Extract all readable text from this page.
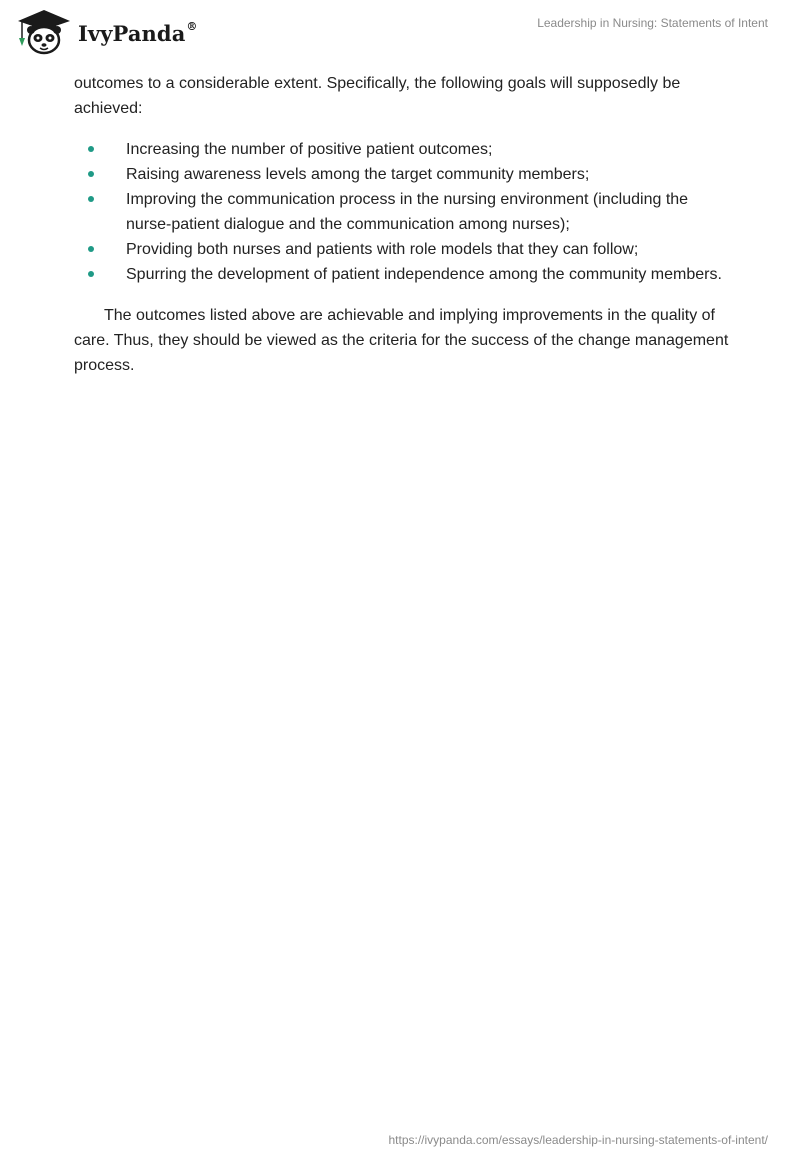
IvyPanda®	Leadership in Nursing: Statements of Intent

outcomes to a considerable extent. Specifically, the following goals will supposedly be achieved:

Increasing the number of positive patient outcomes;
Raising awareness levels among the target community members;
Improving the communication process in the nursing environment (including the nurse-patient dialogue and the communication among nurses);
Providing both nurses and patients with role models that they can follow;
Spurring the development of patient independence among the community members.

The outcomes listed above are achievable and implying improvements in the quality of care. Thus, they should be viewed as the criteria for the success of the change management process.

https://ivypanda.com/essays/leadership-in-nursing-statements-of-intent/
